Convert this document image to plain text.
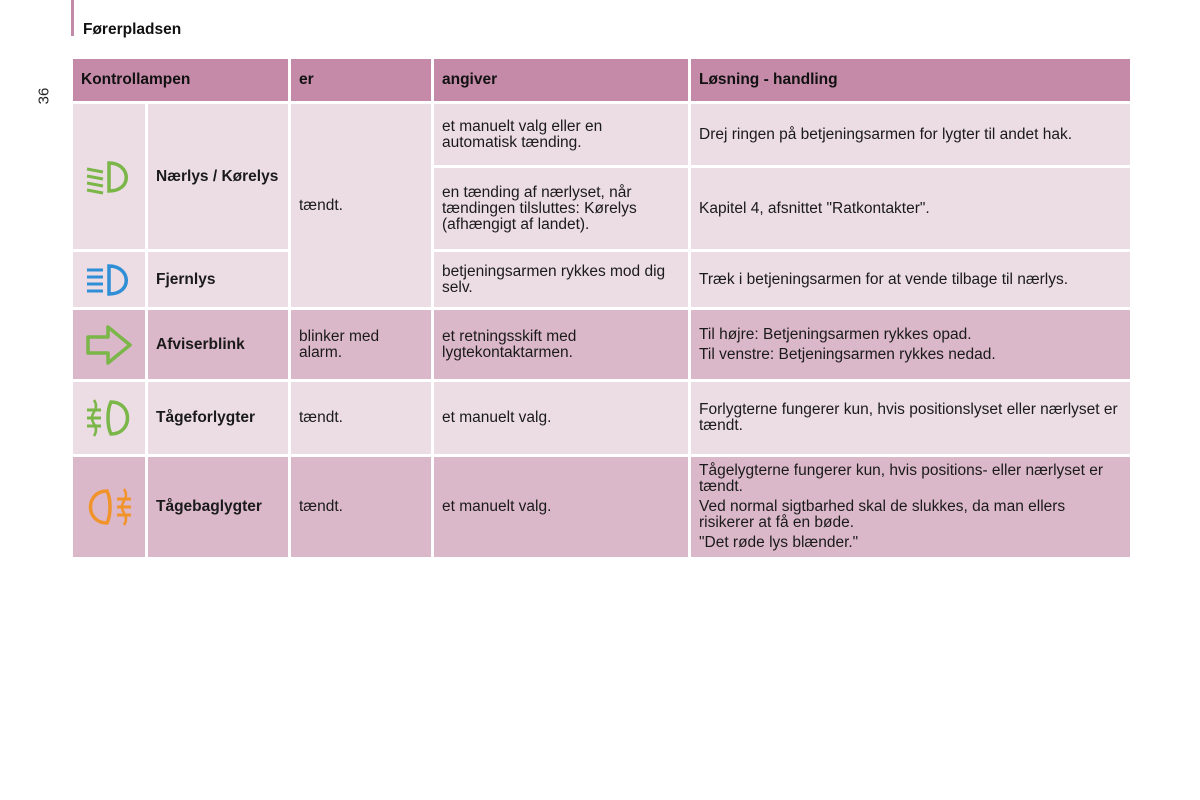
Førerpladsen
36
Kontrollampen		er	angiver	Løsning - handling

	Nærlys / Kørelys	tændt.	et manuelt valg eller en automatisk tænding.	Drej ringen på betjeningsarmen for lygter til andet hak.
			en tænding af nærlyset, når tændingen tilsluttes: Kørelys (afhængigt af landet).	Kapitel 4, afsnittet "Ratkontakter".

	Fjernlys		betjeningsarmen rykkes mod dig selv.	Træk i betjeningsarmen for at vende tilbage til nærlys.

	Afviserblink	blinker med alarm.	et retningsskift med lygtekontaktarmen.	Til højre: Betjeningsarmen rykkes opad.
Til venstre: Betjeningsarmen rykkes nedad.

	Tågeforlygter	tændt.	et manuelt valg.	Forlygterne fungerer kun, hvis positionslyset eller nærlyset er tændt.

	Tågebaglygter	tændt.	et manuelt valg.	Tågelygterne fungerer kun, hvis positions- eller nærlyset er tændt.
Ved normal sigtbarhed skal de slukkes, da man ellers risikerer at få en bøde.
"Det røde lys blænder."
